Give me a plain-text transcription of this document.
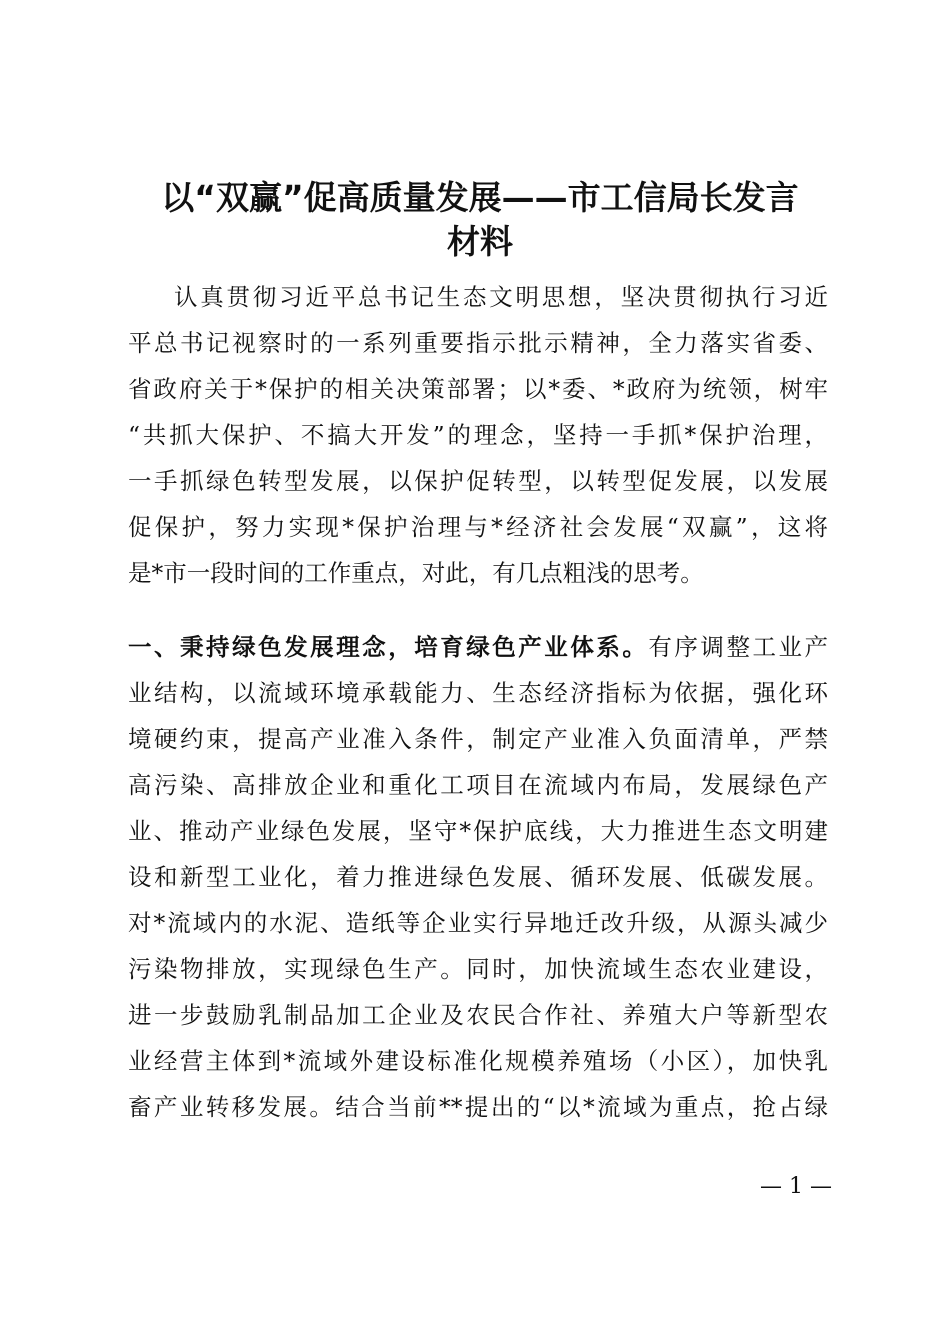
以“双赢”促高质量发展——市工信局长发言
材料

认真贯彻习近平总书记生态文明思想，坚决贯彻执行习近

平总书记视察时的一系列重要指示批示精神，全力落实省委、

省政府关于*保护的相关决策部署；以*委、*政府为统领，树牢

“共抓大保护、不搞大开发”的理念，坚持一手抓*保护治理，

一手抓绿色转型发展，以保护促转型，以转型促发展，以发展

促保护，努力实现*保护治理与*经济社会发展“双赢”，这将

是*市一段时间的工作重点，对此，有几点粗浅的思考。

一、秉持绿色发展理念，培育绿色产业体系。有序调整工业产

业结构，以流域环境承载能力、生态经济指标为依据，强化环

境硬约束，提高产业准入条件，制定产业准入负面清单，严禁

高污染、高排放企业和重化工项目在流域内布局，发展绿色产

业、推动产业绿色发展，坚守*保护底线，大力推进生态文明建

设和新型工业化，着力推进绿色发展、循环发展、低碳发展。

对*流域内的水泥、造纸等企业实行异地迁改升级，从源头减少

污染物排放，实现绿色生产。同时，加快流域生态农业建设，

进一步鼓励乳制品加工企业及农民合作社、养殖大户等新型农

业经营主体到*流域外建设标准化规模养殖场（小区），加快乳

畜产业转移发展。结合当前**提出的“以*流域为重点，抢占绿

— 1 —
